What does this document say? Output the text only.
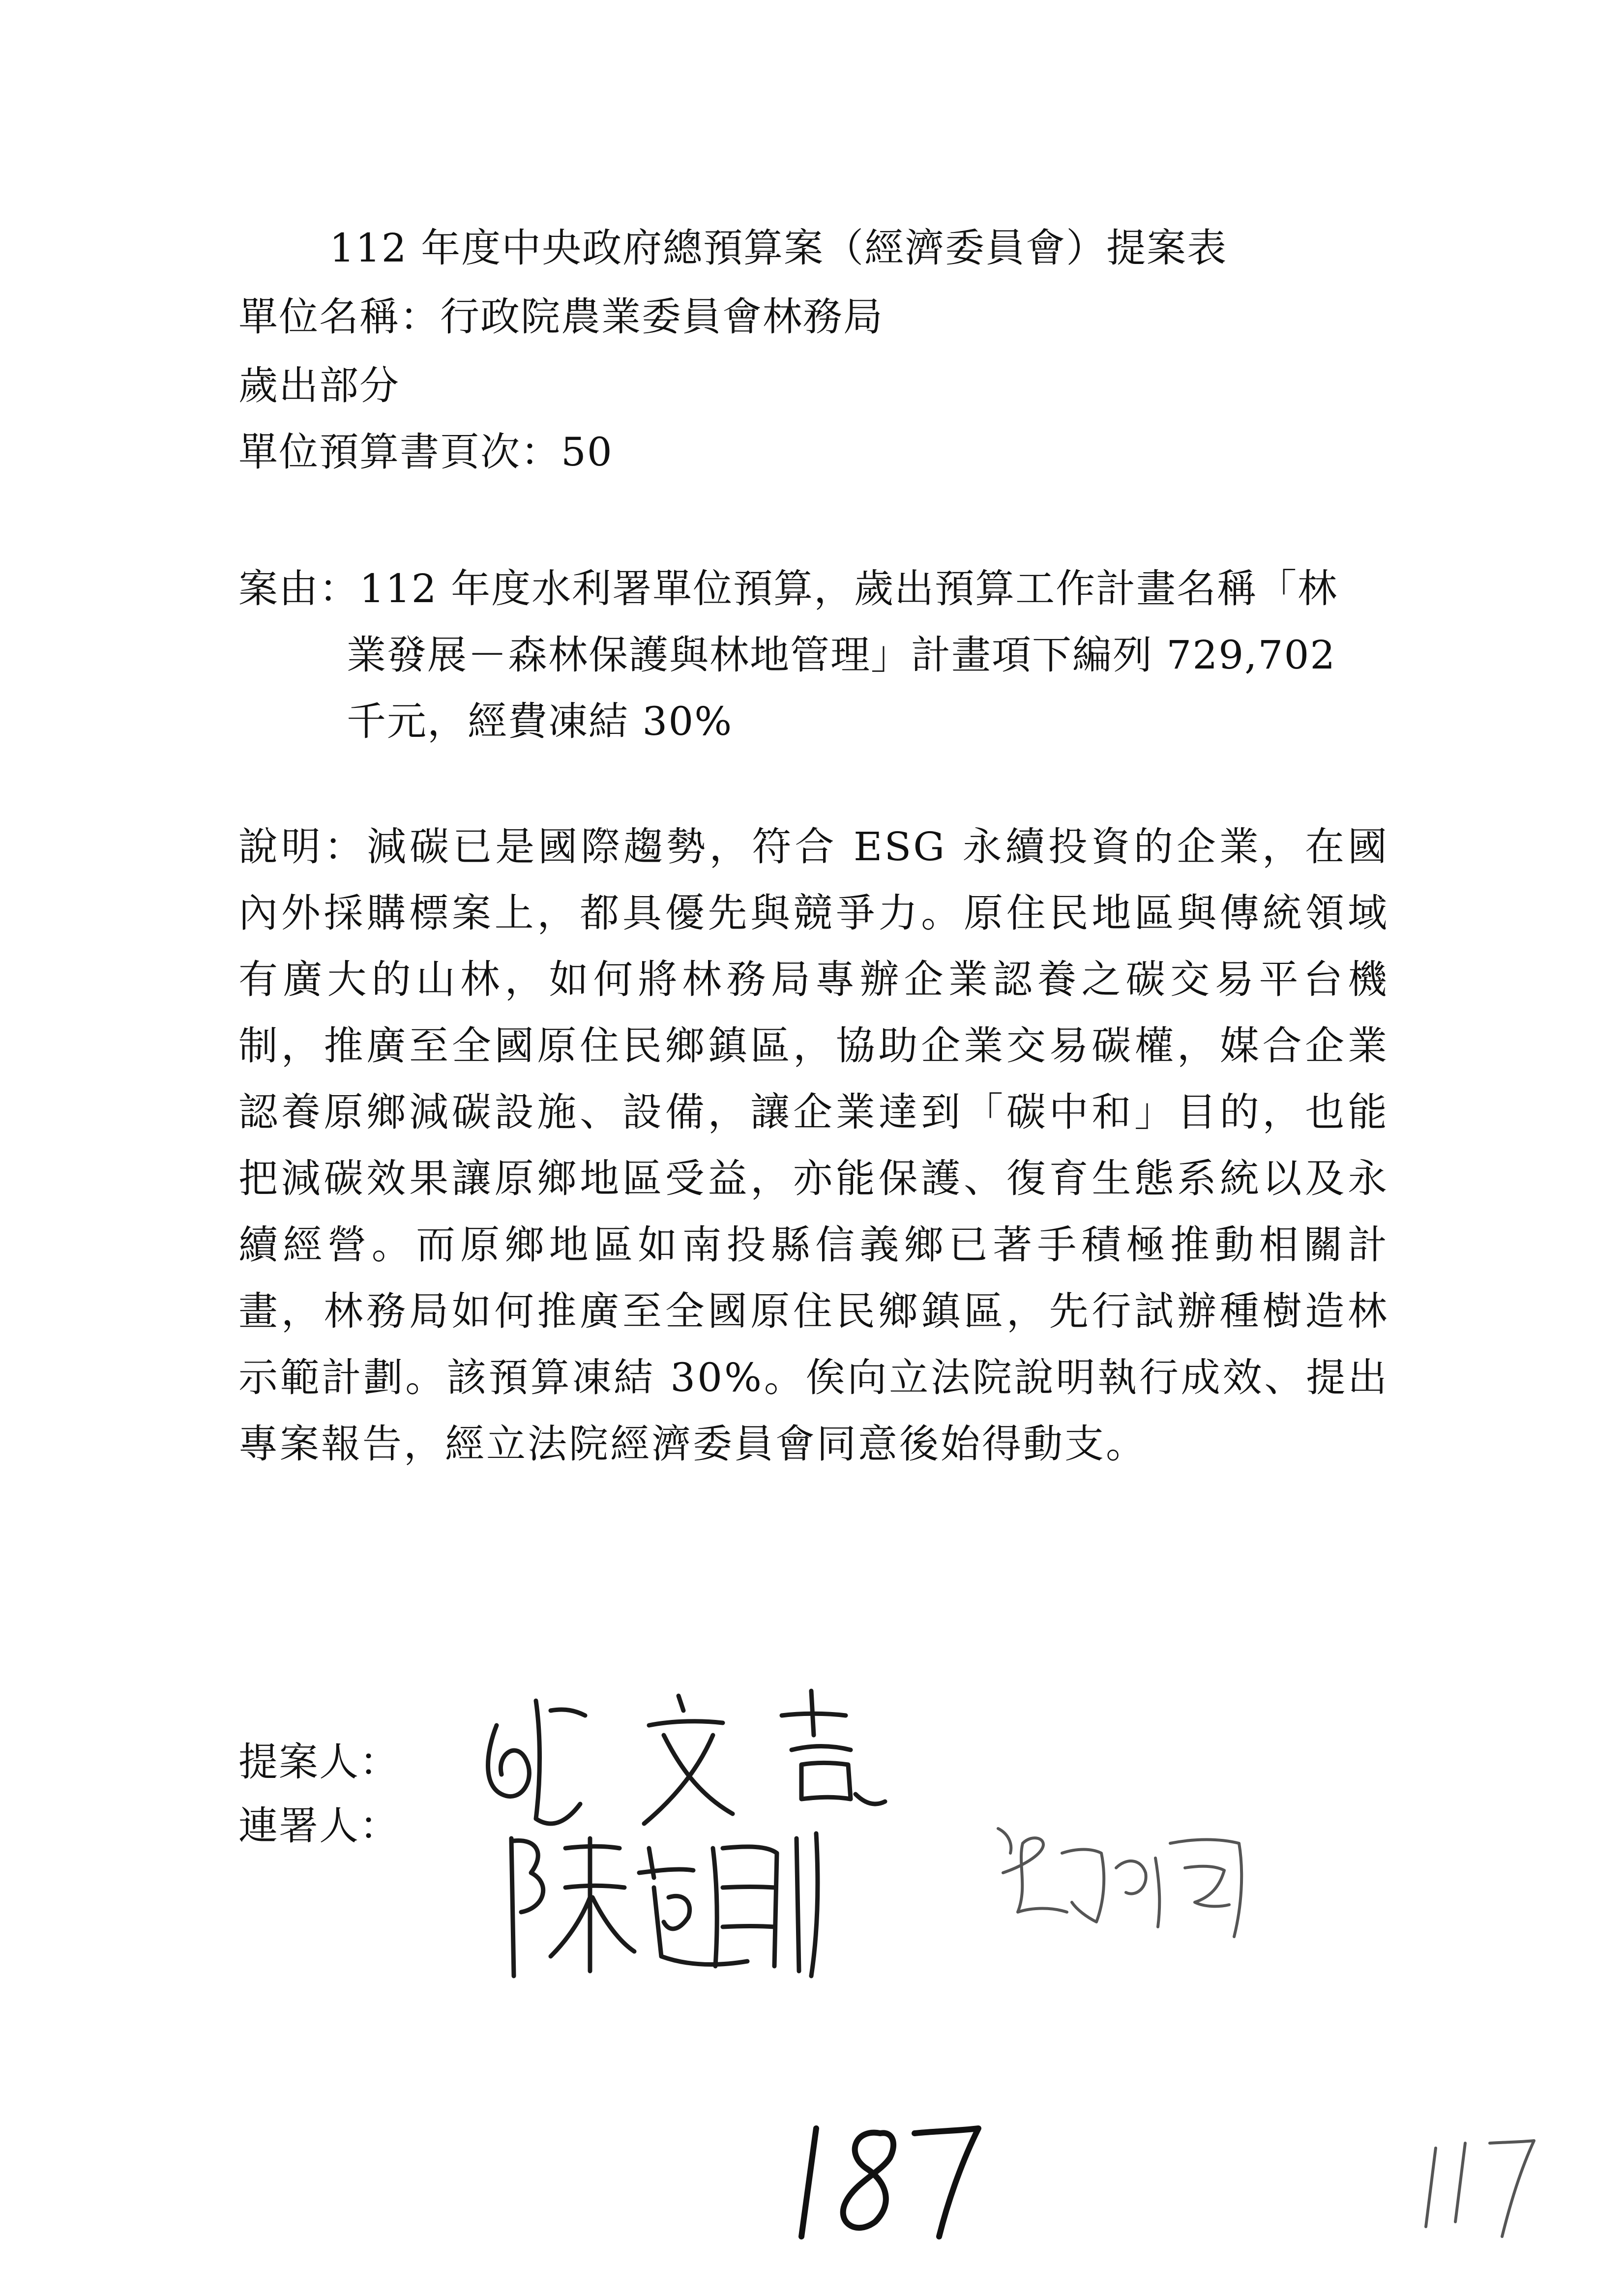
112 年度中央政府總預算案（經濟委員會）提案表
單位名稱：行政院農業委員會林務局
歲出部分
單位預算書頁次：50
案由：112 年度水利署單位預算，歲出預算工作計畫名稱「林
業發展－森林保護與林地管理」計畫項下編列 729,702 千元，經費凍結 30%
說明：減碳已是國際趨勢，符合 ESG 永續投資的企業，在國內外採購標案上，都具優先與競爭力。原住民地區與傳統領域有廣大的山林，如何將林務局專辦企業認養之碳交易平台機制，推廣至全國原住民鄉鎮區，協助企業交易碳權，媒合企業認養原鄉減碳設施、設備，讓企業達到「碳中和」目的，也能把減碳效果讓原鄉地區受益，亦能保護、復育生態系統以及永續經營。而原鄉地區如南投縣信義鄉已著手積極推動相關計畫，林務局如何推廣至全國原住民鄉鎮區，先行試辦種樹造林示範計劃。該預算凍結 30%。俟向立法院說明執行成效、提出專案報告，經立法院經濟委員會同意後始得動支。
提案人：
連署人：
